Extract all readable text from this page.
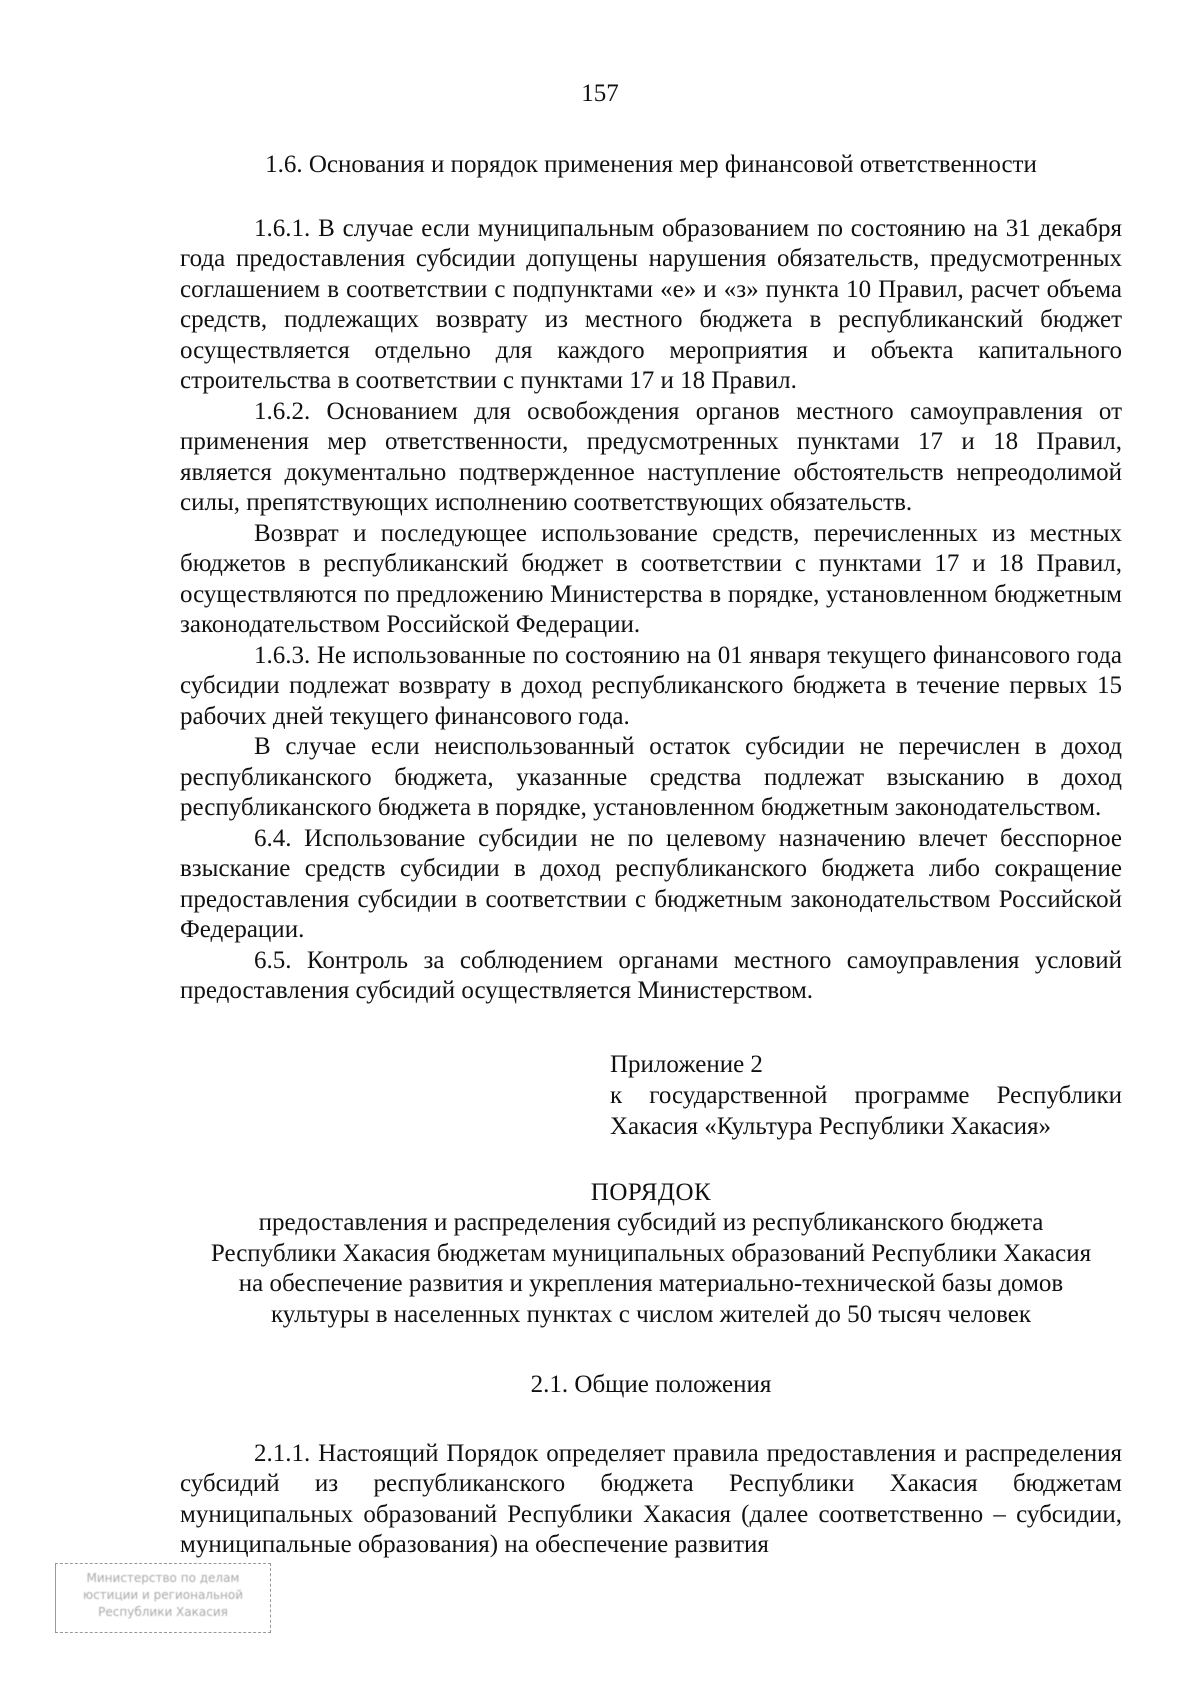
157

1.6. Основания и порядок применения мер финансовой ответственности

1.6.1. В случае если муниципальным образованием по состоянию на 31 декабря года предоставления субсидии допущены нарушения обязательств, предусмотренных соглашением в соответствии с подпунктами «е» и «з» пункта 10 Правил, расчет объема средств, подлежащих возврату из местного бюджета в республиканский бюджет осуществляется отдельно для каждого мероприятия и объекта капитального строительства в соответствии с пунктами 17 и 18 Правил.

1.6.2. Основанием для освобождения органов местного самоуправления от применения мер ответственности, предусмотренных пунктами 17 и 18 Правил, является документально подтвержденное наступление обстоятельств непреодолимой силы, препятствующих исполнению соответствующих обязательств.

Возврат и последующее использование средств, перечисленных из местных бюджетов в республиканский бюджет в соответствии с пунктами 17 и 18 Правил, осуществляются по предложению Министерства в порядке, установленном бюджетным законодательством Российской Федерации.

1.6.3. Не использованные по состоянию на 01 января текущего финансового года субсидии подлежат возврату в доход республиканского бюджета в течение первых 15 рабочих дней текущего финансового года.

В случае если неиспользованный остаток субсидии не перечислен в доход республиканского бюджета, указанные средства подлежат взысканию в доход республиканского бюджета в порядке, установленном бюджетным законодательством.

6.4. Использование субсидии не по целевому назначению влечет бесспорное взыскание средств субсидии в доход республиканского бюджета либо сокращение предоставления субсидии в соответствии с бюджетным законодательством Российской Федерации.

6.5. Контроль за соблюдением органами местного самоуправления условий предоставления субсидий осуществляется Министерством.

Приложение 2
к государственной программе Республики Хакасия «Культура Республики Хакасия»

ПОРЯДОК

предоставления и распределения субсидий из республиканского бюджета
Республики Хакасия бюджетам муниципальных образований Республики Хакасия
на обеспечение развития и укрепления материально-технической базы домов
культуры в населенных пунктах с числом жителей до 50 тысяч человек

2.1. Общие положения

2.1.1. Настоящий Порядок определяет правила предоставления и распределения субсидий из республиканского бюджета Республики Хакасия бюджетам муниципальных образований Республики Хакасия (далее соответственно – субсидии, муниципальные образования) на обеспечение развития

Министерство по делам
юстиции и региональной
Республики Хакасия
